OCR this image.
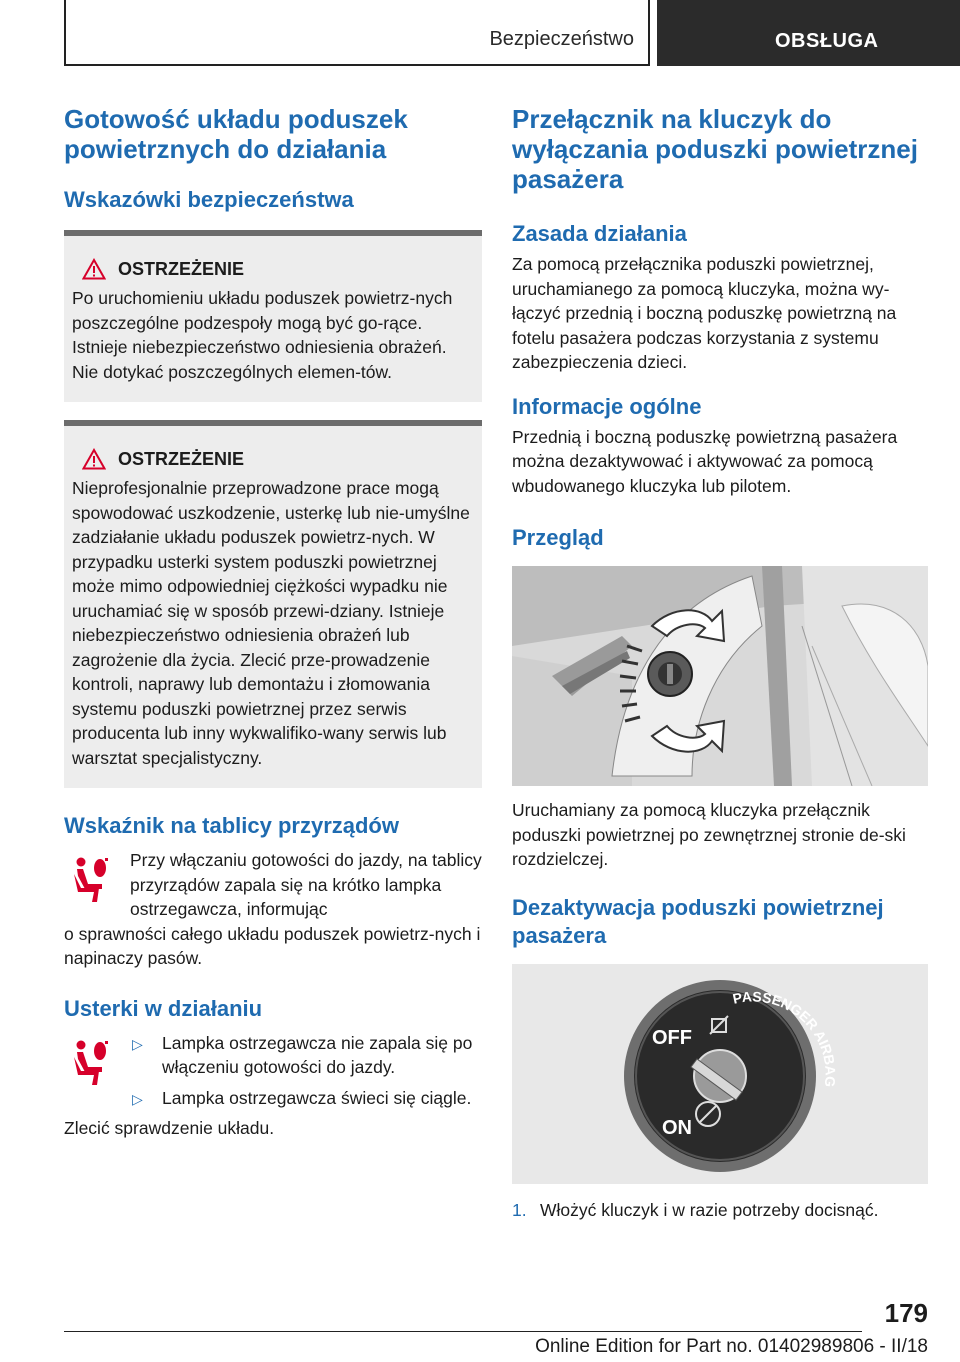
Bezpieczeństwo	OBSŁUGA
Gotowość układu poduszek powietrznych do działania
Wskazówki bezpieczeństwa
OSTRZEŻENIE

Po uruchomieniu układu poduszek powietrz-nych poszczególne podzespoły mogą być go-rące. Istnieje niebezpieczeństwo odniesienia obrażeń. Nie dotykać poszczególnych elemen-tów.

OSTRZEŻENIE

Nieprofesjonalnie przeprowadzone prace mogą spowodować uszkodzenie, usterkę lub nie-umyślne zadziałanie układu poduszek powietrz-nych. W przypadku usterki system poduszki powietrznej może mimo odpowiedniej ciężkości wypadku nie uruchamiać się w sposób przewi-dziany. Istnieje niebezpieczeństwo odniesienia obrażeń lub zagrożenie dla życia. Zlecić prze-prowadzenie kontroli, naprawy lub demontażu i złomowania systemu poduszki powietrznej przez serwis producenta lub inny wykwalifiko-wany serwis lub warsztat specjalistyczny.

Wskaźnik na tablicy przyrządów

Przy włączaniu gotowości do jazdy, na tablicy przyrządów zapala się na krótko lampka ostrzegawcza, informując

o sprawności całego układu poduszek powietrz-nych i napinaczy pasów.

Usterki w działaniu
▷ Lampka ostrzegawcza nie zapala się po włączeniu gotowości do jazdy.
▷ Lampka ostrzegawcza świeci się ciągle.

Zlecić sprawdzenie układu.

Przełącznik na kluczyk do wyłączania poduszki powietrznej pasażera
Zasada działania

Za pomocą przełącznika poduszki powietrznej, uruchamianego za pomocą kluczyka, można wy-łączyć przednią i boczną poduszkę powietrzną na fotelu pasażera podczas korzystania z systemu zabezpieczenia dzieci.

Informacje ogólne

Przednią i boczną poduszkę powietrzną pasażera można dezaktywować i aktywować za pomocą wbudowanego kluczyka lub pilotem.

Przegląd

Uruchamiany za pomocą kluczyka przełącznik poduszki powietrznej po zewnętrznej stronie de-ski rozdzielczej.

Dezaktywacja poduszki powietrznej pasażera
OFF
ON
PASSENGER AIRBAG
1. Włożyć kluczyk i w razie potrzeby docisnąć.
179
Online Edition for Part no. 01402989806 - II/18
